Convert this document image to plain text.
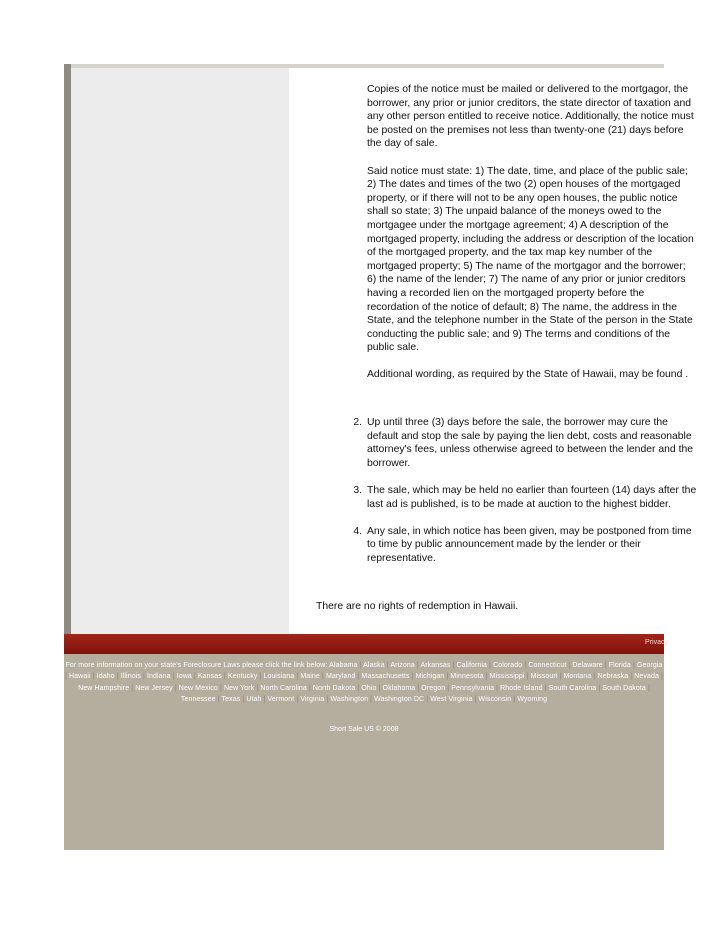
Copies of the notice must be mailed or delivered to the mortgagor, the borrower, any prior or junior creditors, the state director of taxation and any other person entitled to receive notice. Additionally, the notice must be posted on the premises not less than twenty-one (21) days before the day of sale.

Said notice must state: 1) The date, time, and place of the public sale; 2) The dates and times of the two (2) open houses of the mortgaged property, or if there will not to be any open houses, the public notice shall so state; 3) The unpaid balance of the moneys owed to the mortgagee under the mortgage agreement; 4) A description of the mortgaged property, including the address or description of the location of the mortgaged property, and the tax map key number of the mortgaged property; 5) The name of the mortgagor and the borrower; 6) the name of the lender; 7) The name of any prior or junior creditors having a recorded lien on the mortgaged property before the recordation of the notice of default; 8) The name, the address in the State, and the telephone number in the State of the person in the State conducting the public sale; and 9) The terms and conditions of the public sale.

Additional wording, as required by the State of Hawaii, may be found .

2. Up until three (3) days before the sale, the borrower may cure the default and stop the sale by paying the lien debt, costs and reasonable attorney's fees, unless otherwise agreed to between the lender and the borrower.
3. The sale, which may be held no earlier than fourteen (14) days after the last ad is published, is to be made at auction to the highest bidder.
4. Any sale, in which notice has been given, may be postponed from time to time by public announcement made by the lender or their representative.

There are no rights of redemption in Hawaii.

Privacy
For more information on your state's Foreclosure Laws please click the link below: Alabama | Alaska | Arizona | Arkansas | California | Colorado | Connecticut | Delaware | Florida | Georgia | Hawaii | Idaho | Illinois | Indiana | Iowa | Kansas | Kentucky | Louisiana | Maine | Maryland | Massachusetts | Michigan | Minnesota | Mississippi | Missouri | Montana | Nebraska | Nevada | New Hampshire | New Jersey | New Mexico | New York | North Carolina | North Dakota | Ohio | Oklahoma | Oregon | Pennsylvania | Rhode Island | South Carolina | South Dakota | Tennessee | Texas | Utah | Vermont | Virginia | Washington | Washington DC | West Virginia | Wisconsin | Wyoming
Short Sale US © 2008
